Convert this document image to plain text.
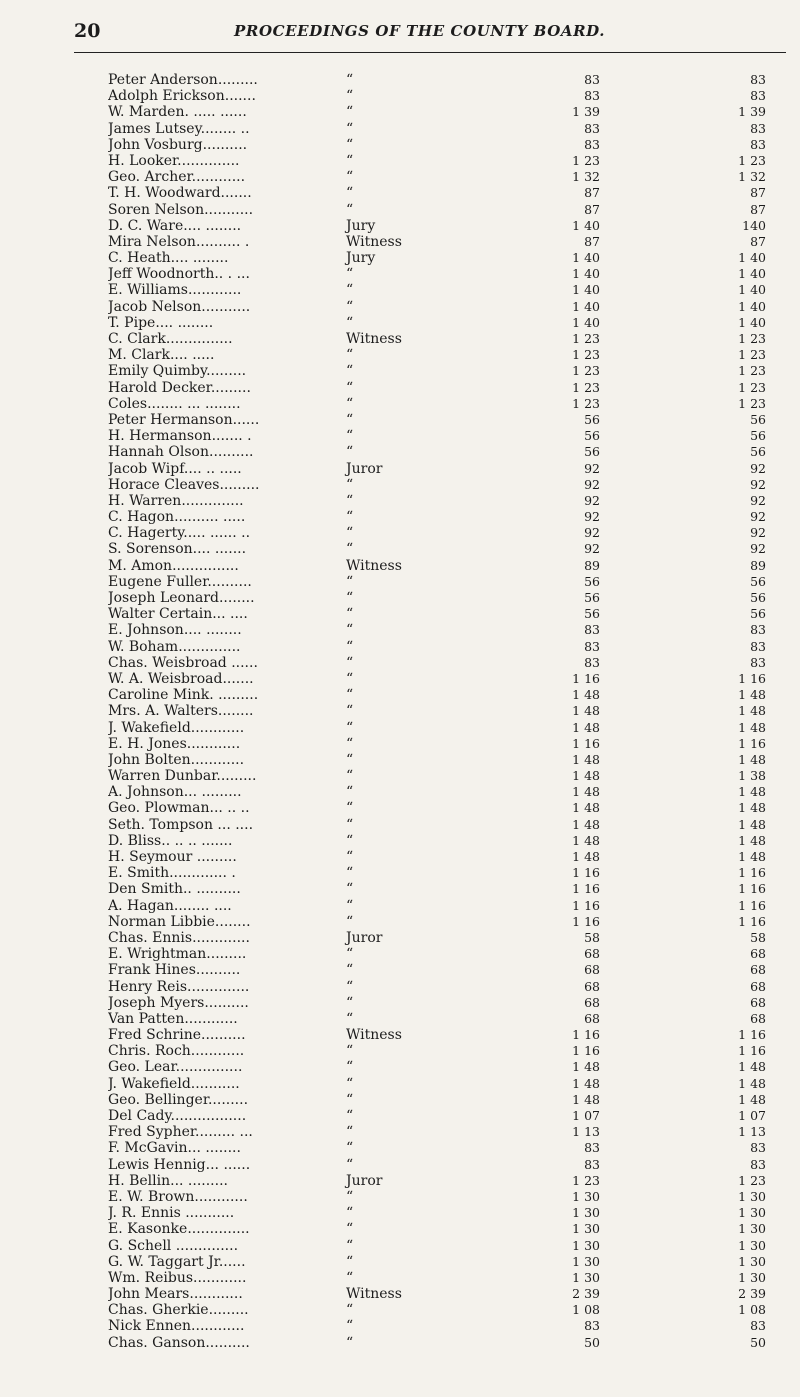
20	PROCEEDINGS OF THE COUNTY BOARD.
Peter Anderson.........	“	83	83
Adolph Erickson.......	“	83	83
W. Marden. ..... ......	“	1 39	1 39
James Lutsey........ ..	“	83	83
John Vosburg..........	“	83	83
H. Looker..............	“	1 23	1 23
Geo. Archer............	“	1 32	1 32
T. H. Woodward.......	“	87	87
Soren Nelson...........	“	87	87
D. C. Ware.... ........	Jury	1 40	140
Mira Nelson.......... .	Witness	87	87
C. Heath.... ........	Jury	1 40	1 40
Jeff Woodnorth.. . ...	“	1 40	1 40
E. Williams............	“	1 40	1 40
Jacob Nelson...........	“	1 40	1 40
T. Pipe.... ........	“	1 40	1 40
C. Clark...............	Witness	1 23	1 23
M. Clark.... .....	“	1 23	1 23
Emily Quimby.........	“	1 23	1 23
Harold Decker.........	“	1 23	1 23
Coles........ ... ........	“	1 23	1 23
Peter Hermanson......	“	56	56
H. Hermanson....... .	“	56	56
Hannah Olson..........	“	56	56
Jacob Wipf.... .. .....	Juror	92	92
Horace Cleaves.........	“	92	92
H. Warren..............	“	92	92
C. Hagon.......... .....	“	92	92
C. Hagerty..... ...... ..	“	92	92
S. Sorenson.... .......	“	92	92
M. Amon...............	Witness	89	89
Eugene Fuller..........	“	56	56
Joseph Leonard........	“	56	56
Walter Certain... ....	“	56	56
E. Johnson.... ........	“	83	83
W. Boham..............	“	83	83
Chas. Weisbroad ......	“	83	83
W. A. Weisbroad.......	“	1 16	1 16
Caroline Mink. .........	“	1 48	1 48
Mrs. A. Walters........	“	1 48	1 48
J. Wakefield............	“	1 48	1 48
E. H. Jones............	“	1 16	1 16
John Bolten............	“	1 48	1 48
Warren Dunbar.........	“	1 48	1 38
A. Johnson... .........	“	1 48	1 48
Geo. Plowman... .. ..	“	1 48	1 48
Seth. Tompson ... ....	“	1 48	1 48
D. Bliss.. .. .. .......	“	1 48	1 48
H. Seymour .........	“	1 48	1 48
E. Smith............. .	“	1 16	1 16
Den Smith.. ..........	“	1 16	1 16
A. Hagan........ ....	“	1 16	1 16
Norman Libbie........	“	1 16	1 16
Chas. Ennis.............	Juror	58	58
E. Wrightman.........	“	68	68
Frank Hines..........	“	68	68
Henry Reis..............	“	68	68
Joseph Myers..........	“	68	68
Van Patten............	“	68	68
Fred Schrine..........	Witness	1 16	1 16
Chris. Roch............	“	1 16	1 16
Geo. Lear...............	“	1 48	1 48
J. Wakefield...........	“	1 48	1 48
Geo. Bellinger.........	“	1 48	1 48
Del Cady.................	“	1 07	1 07
Fred Sypher......... ...	“	1 13	1 13
F. McGavin... ........	“	83	83
Lewis Hennig... ......	“	83	83
H. Bellin... .........	Juror	1 23	1 23
E. W. Brown............	“	1 30	1 30
J. R. Ennis ...........	“	1 30	1 30
E. Kasonke..............	“	1 30	1 30
G. Schell ..............	“	1 30	1 30
G. W. Taggart Jr......	“	1 30	1 30
Wm. Reibus............	“	1 30	1 30
John Mears............	Witness	2 39	2 39
Chas. Gherkie.........	“	1 08	1 08
Nick Ennen............	“	83	83
Chas. Ganson..........	“	50	50
